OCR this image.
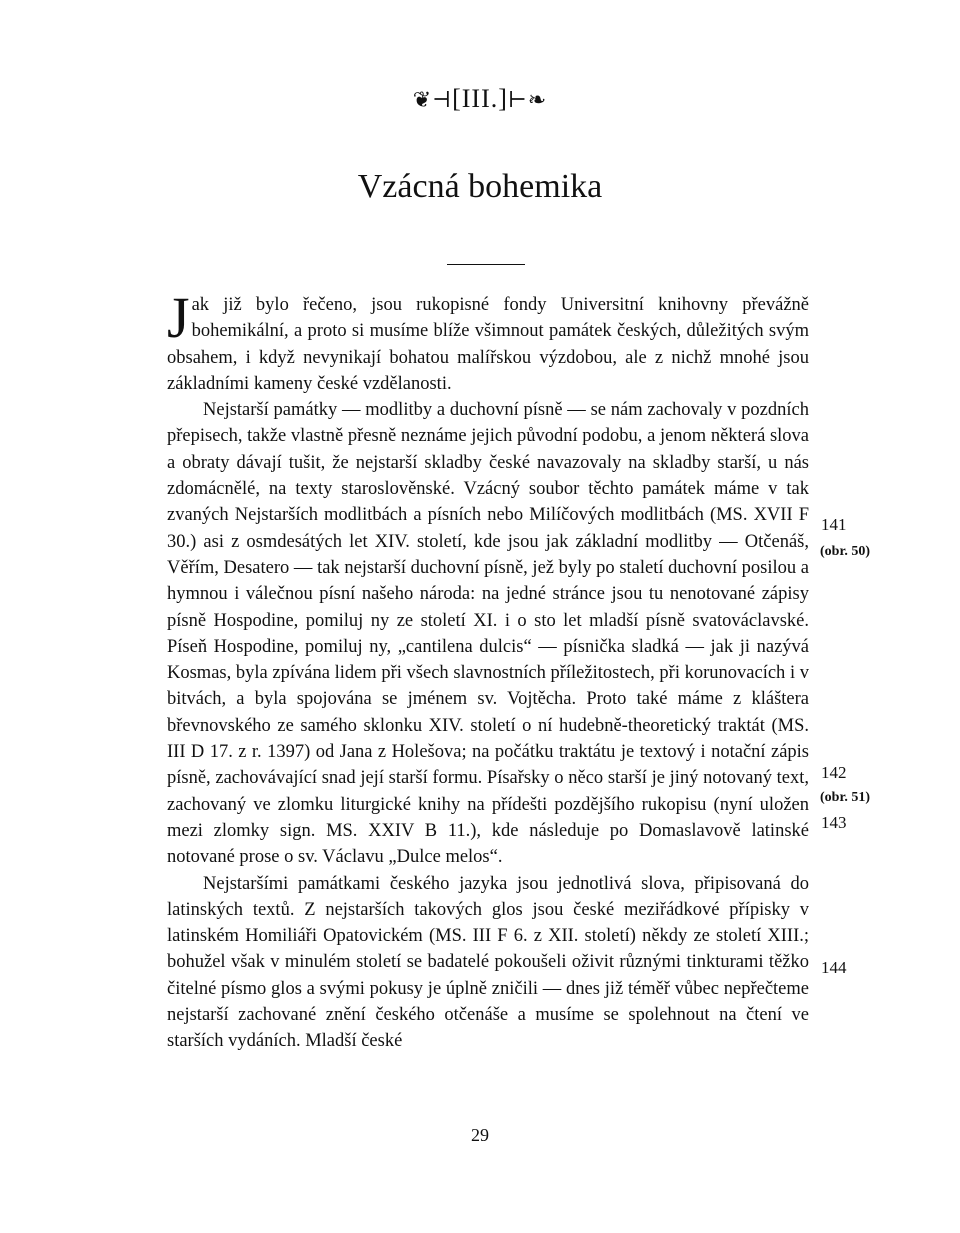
❦⊣[III.]⊢❧
Vzácná bohemika

Jak již bylo řečeno, jsou rukopisné fondy Universitní knihovny převážně bohemikální, a proto si musíme blíže všimnout památek českých, důležitých svým obsahem, i když nevynikají bohatou malířskou výzdobou, ale z nichž mnohé jsou základními kameny české vzdělanosti.

Nejstarší památky — modlitby a duchovní písně — se nám zachovaly v pozdních přepisech, takže vlastně přesně neznáme jejich původní podobu, a jenom některá slova a obraty dávají tušit, že nejstarší skladby české navazovaly na skladby starší, u nás zdomácnělé, na texty staroslověnské. Vzácný soubor těchto památek máme v tak zvaných Nejstarších modlitbách a písních nebo Milíčových modlitbách (MS. XVII F 30.) asi z osmdesátých let XIV. století, kde jsou jak základní modlitby — Otčenáš, Věřím, Desatero — tak nejstarší duchovní písně, jež byly po staletí duchovní posilou a hymnou i válečnou písní našeho národa: na jedné stránce jsou tu nenotované zápisy písně Hospodine, pomiluj ny ze století XI. i o sto let mladší písně svatováclavské. Píseň Hospodine, pomiluj ny, „cantilena dulcis“ — písnička sladká — jak ji nazývá Kosmas, byla zpívána lidem při všech slavnostních příležitostech, při korunovacích i v bitvách, a byla spojována se jménem sv. Vojtěcha. Proto také máme z kláštera břevnovského ze samého sklonku XIV. století o ní hudebně-theoretický traktát (MS. III D 17. z r. 1397) od Jana z Holešova; na počátku traktátu je textový i notační zápis písně, zachovávající snad její starší formu. Písařsky o něco starší je jiný notovaný text, zachovaný ve zlomku liturgické knihy na přídešti pozdějšího rukopisu (nyní uložen mezi zlomky sign. MS. XXIV B 11.), kde následuje po Domaslavově latinské notované prose o sv. Václavu „Dulce melos“.

Nejstaršími památkami českého jazyka jsou jednotlivá slova, připisovaná do latinských textů. Z nejstarších takových glos jsou české meziřádkové přípisky v latinském Homiliáři Opatovickém (MS. III F 6. z XII. století) někdy ze století XIII.; bohužel však v minulém století se badatelé pokoušeli oživit různými tinkturami těžko čitelné písmo glos a svými pokusy je úplně zničili — dnes již téměř vůbec nepřečteme nejstarší zachované znění českého otčenáše a musíme se spolehnout na čtení ve starších vydáních. Mladší české

141
(obr. 50)
142
(obr. 51)
143
144
29
